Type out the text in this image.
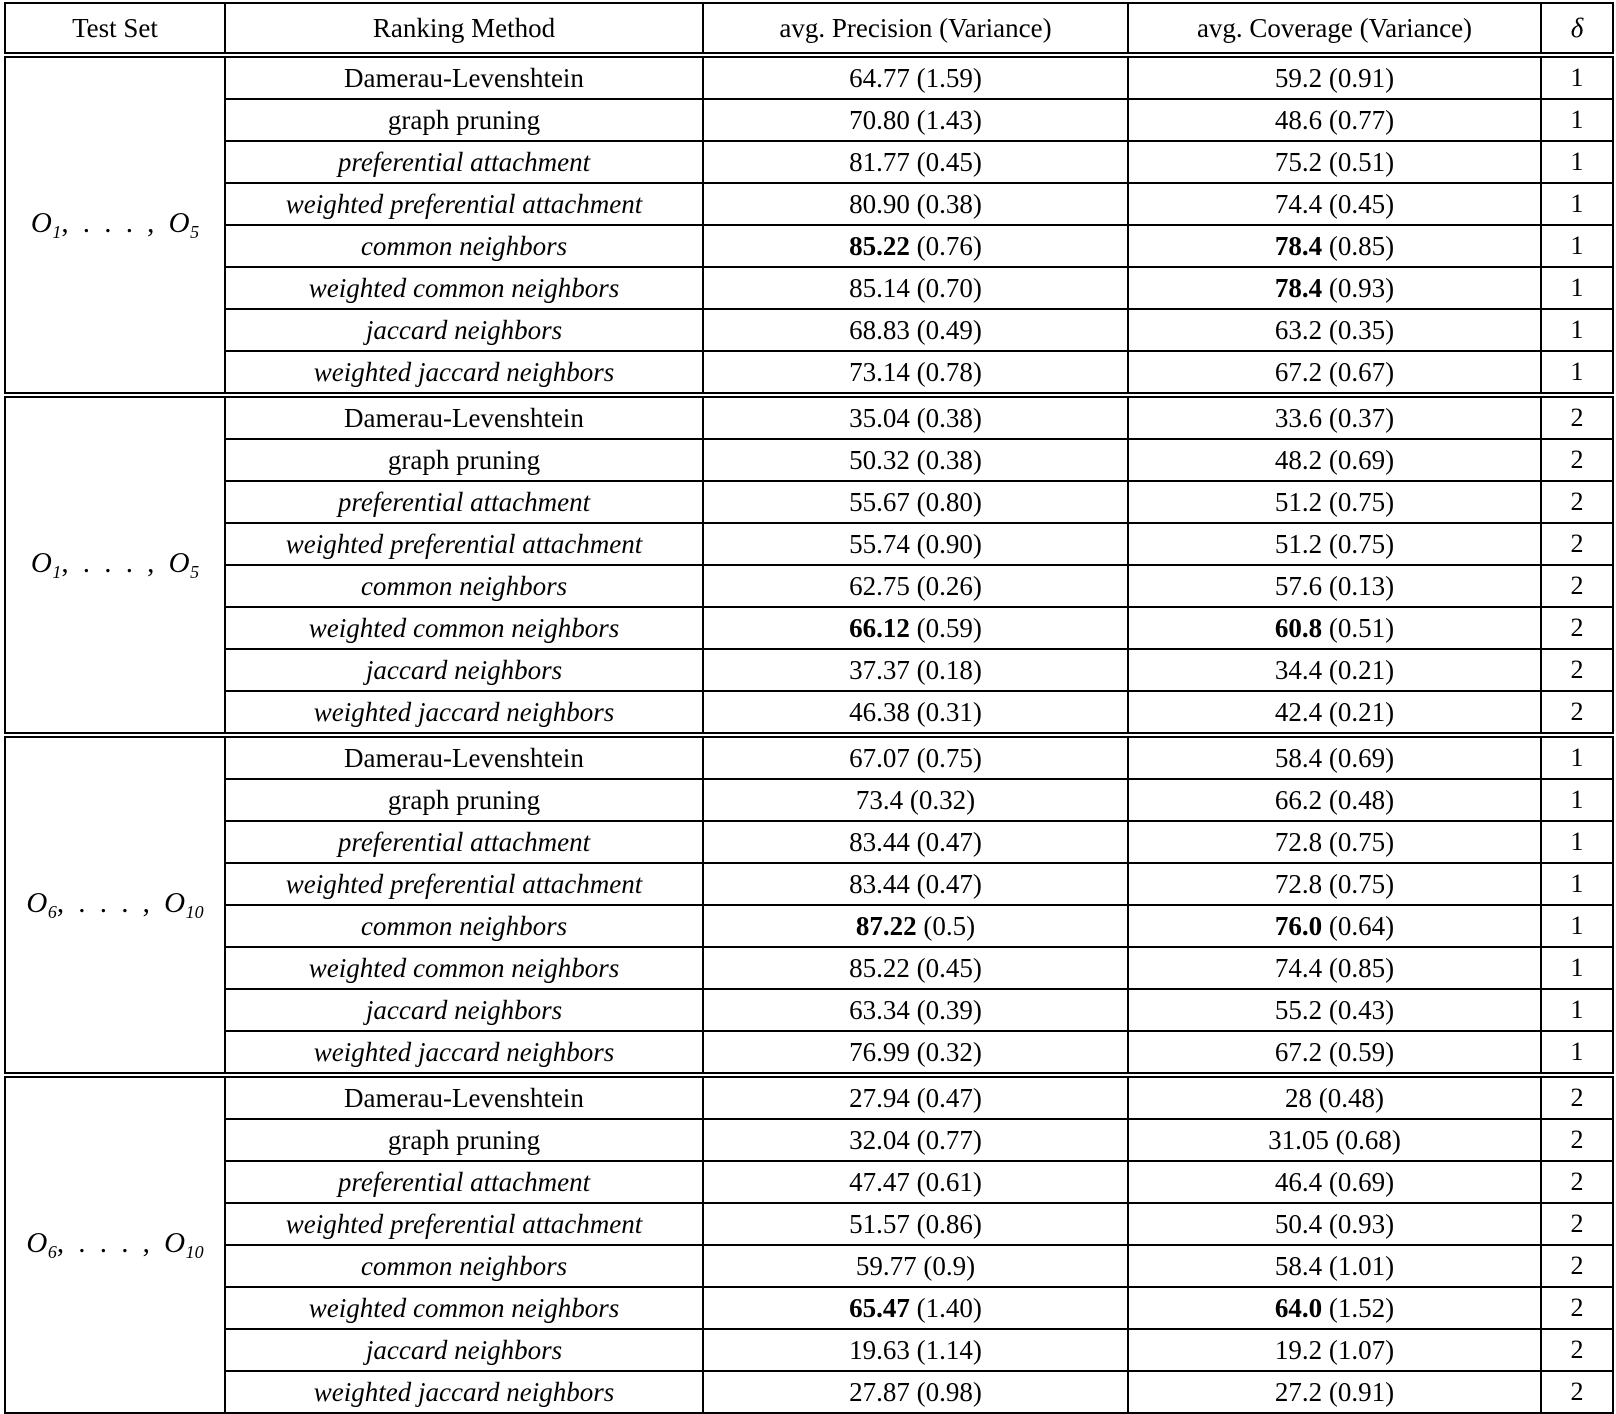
Test Set	Ranking Method	avg. Precision (Variance)	avg. Coverage (Variance)	δ
$O_1$, . . . , $O_5$	Damerau-Levenshtein	64.77 (1.59)	59.2 (0.91)	1
	graph pruning	70.80 (1.43)	48.6 (0.77)	1
	preferential attachment	81.77 (0.45)	75.2 (0.51)	1
	weighted preferential attachment	80.90 (0.38)	74.4 (0.45)	1
	common neighbors	85.22 (0.76)	78.4 (0.85)	1
	weighted common neighbors	85.14 (0.70)	78.4 (0.93)	1
	jaccard neighbors	68.83 (0.49)	63.2 (0.35)	1
	weighted jaccard neighbors	73.14 (0.78)	67.2 (0.67)	1
$O_1$, . . . , $O_5$	Damerau-Levenshtein	35.04 (0.38)	33.6 (0.37)	2
	graph pruning	50.32 (0.38)	48.2 (0.69)	2
	preferential attachment	55.67 (0.80)	51.2 (0.75)	2
	weighted preferential attachment	55.74 (0.90)	51.2 (0.75)	2
	common neighbors	62.75 (0.26)	57.6 (0.13)	2
	weighted common neighbors	66.12 (0.59)	60.8 (0.51)	2
	jaccard neighbors	37.37 (0.18)	34.4 (0.21)	2
	weighted jaccard neighbors	46.38 (0.31)	42.4 (0.21)	2
$O_6$, . . . , $O_{10}$	Damerau-Levenshtein	67.07 (0.75)	58.4 (0.69)	1
	graph pruning	73.4 (0.32)	66.2 (0.48)	1
	preferential attachment	83.44 (0.47)	72.8 (0.75)	1
	weighted preferential attachment	83.44 (0.47)	72.8 (0.75)	1
	common neighbors	87.22 (0.5)	76.0 (0.64)	1
	weighted common neighbors	85.22 (0.45)	74.4 (0.85)	1
	jaccard neighbors	63.34 (0.39)	55.2 (0.43)	1
	weighted jaccard neighbors	76.99 (0.32)	67.2 (0.59)	1
$O_6$, . . . , $O_{10}$	Damerau-Levenshtein	27.94 (0.47)	28 (0.48)	2
	graph pruning	32.04 (0.77)	31.05 (0.68)	2
	preferential attachment	47.47 (0.61)	46.4 (0.69)	2
	weighted preferential attachment	51.57 (0.86)	50.4 (0.93)	2
	common neighbors	59.77 (0.9)	58.4 (1.01)	2
	weighted common neighbors	65.47 (1.40)	64.0 (1.52)	2
	jaccard neighbors	19.63 (1.14)	19.2 (1.07)	2
	weighted jaccard neighbors	27.87 (0.98)	27.2 (0.91)	2
